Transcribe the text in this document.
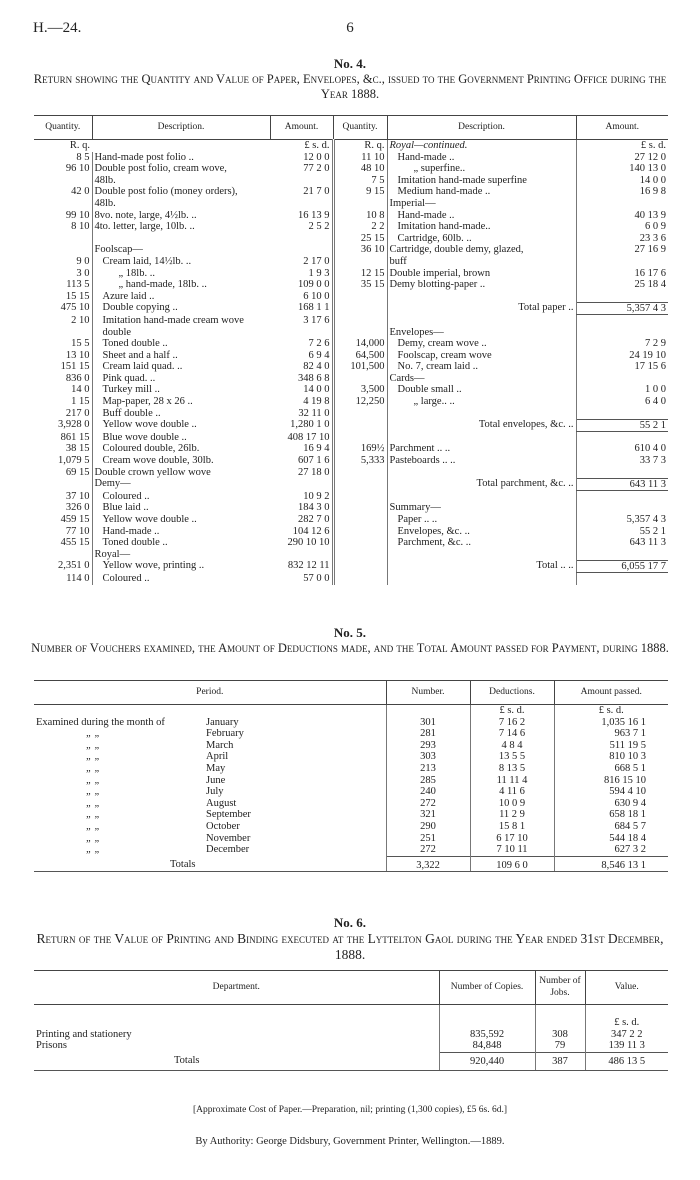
H.—24.	6
No. 4.
Return showing the Quantity and Value of Paper, Envelopes, &c., issued to the Government Printing Office during the Year 1888.
Quantity.	Description.	Amount.	Quantity.	Description.	Amount.
R. q.		£ s. d.	R. q.	Royal—continued.	£ s. d.
8 5	Hand-made post folio ..	12 0 0	11 10	Hand-made ..	27 12 0
96 10	Double post folio, cream wove,	77 2 0	48 10	„ superfine..	140 13 0
	48lb.		7 5	Imitation hand-made superfine	14 0 0
42 0	Double post folio (money orders),	21 7 0	9 15	Medium hand-made ..	16 9 8
	48lb.			Imperial—	
99 10	8vo. note, large, 4½lb. ..	16 13 9	10 8	Hand-made ..	40 13 9
8 10	4to. letter, large, 10lb. ..	2 5 2	2 2	Imitation hand-made..	6 0 9
			25 15	Cartridge, 60lb. ..	23 3 6
	Foolscap—		36 10	Cartridge, double demy, glazed,	27 16 9
9 0	Cream laid, 14½lb. ..	2 17 0		buff	
3 0	„ 18lb. ..	1 9 3	12 15	Double imperial, brown	16 17 6
113 5	„ hand-made, 18lb. ..	109 0 0	35 15	Demy blotting-paper ..	25 18 4
15 15	Azure laid ..	6 10 0			
475 10	Double copying ..	168 1 1		Total paper ..	5,357 4 3
2 10	Imitation hand-made cream wove	3 17 6			
	double			Envelopes—	
15 5	Toned double ..	7 2 6	14,000	Demy, cream wove ..	7 2 9
13 10	Sheet and a half ..	6 9 4	64,500	Foolscap, cream wove	24 19 10
151 15	Cream laid quad. ..	82 4 0	101,500	No. 7, cream laid ..	17 15 6
836 0	Pink quad. ..	348 6 8		Cards—	
14 0	Turkey mill ..	14 0 0	3,500	Double small ..	1 0 0
1 15	Map-paper, 28 x 26 ..	4 19 8	12,250	„ large.. ..	6 4 0
217 0	Buff double ..	32 11 0			
3,928 0	Yellow wove double ..	1,280 1 0		Total envelopes, &c. ..	55 2 1
861 15	Blue wove double ..	408 17 10			
38 15	Coloured double, 26lb.	16 9 4	169½	Parchment .. ..	610 4 0
1,079 5	Cream wove double, 30lb.	607 1 6	5,333	Pasteboards .. ..	33 7 3
69 15	Double crown yellow wove	27 18 0			
	Demy—			Total parchment, &c. ..	643 11 3
37 10	Coloured ..	10 9 2			
326 0	Blue laid ..	184 3 0		Summary—	
459 15	Yellow wove double ..	282 7 0		Paper .. ..	5,357 4 3
77 10	Hand-made ..	104 12 6		Envelopes, &c. ..	55 2 1
455 15	Toned double ..	290 10 10		Parchment, &c. ..	643 11 3
	Royal—				
2,351 0	Yellow wove, printing ..	832 12 11		Total .. ..	6,055 17 7
114 0	Coloured ..	57 0 0			
No. 5.
Number of Vouchers examined, the Amount of Deductions made, and the Total Amount passed for Payment, during 1888.
Period.	Number.	Deductions.	Amount passed.
		£ s. d.	£ s. d.
Examined during the month of January	301	7 16 2	1,035 16 1
„ „ February	281	7 14 6	963 7 1
„ „ March	293	4 8 4	511 19 5
„ „ April	303	13 5 5	810 10 3
„ „ May	213	8 13 5	668 5 1
„ „ June	285	11 11 4	816 15 10
„ „ July	240	4 11 6	594 4 10
„ „ August	272	10 0 9	630 9 4
„ „ September	321	11 2 9	658 18 1
„ „ October	290	15 8 1	684 5 7
„ „ November	251	6 17 10	544 18 4
„ „ December	272	7 10 11	627 3 2

Totals	3,322	109 6 0	8,546 13 1
No. 6.
Return of the Value of Printing and Binding executed at the Lyttelton Gaol during the Year ended 31st December, 1888.
Department.	Number of Copies.	Number of Jobs.	Value.
			£ s. d.
Printing and stationery	835,592	308	347 2 2
Prisons	84,848	79	139 11 3

Totals	920,440	387	486 13 5
[Approximate Cost of Paper.—Preparation, nil; printing (1,300 copies), £5 6s. 6d.]
By Authority: George Didsbury, Government Printer, Wellington.—1889.
